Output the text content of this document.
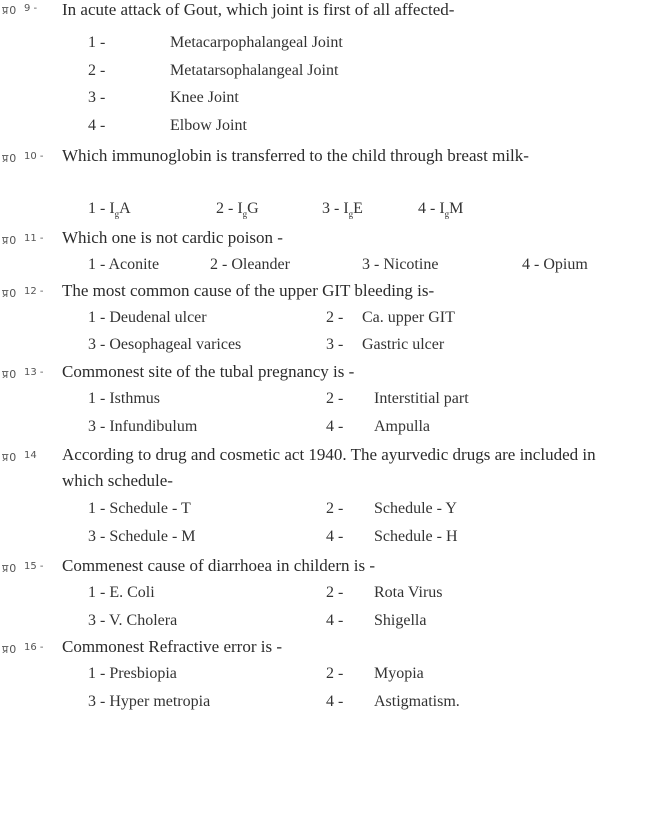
प्र0 9 - In acute attack of Gout, which joint is first of all affected-
1 -	Metacarpophalangeal Joint
2 -	Metatarsophalangeal Joint
3 -	Knee Joint
4 -	Elbow Joint
प्र0 10 - Which immunoglobin is transferred to the child through breast milk-
$1 - I_gA$	$2 - I_gG$	$3 - I_gE$	$4 - I_gM$
प्र0 11 - Which one is not cardic poison -
1 - Aconite	2 - Oleander	3 - Nicotine	4 - Opium
प्र0 12 - The most common cause of the upper GIT bleeding is-
1 - Deudenal ulcer	2 - Ca. upper GIT
3 - Oesophageal varices	3 - Gastric ulcer
प्र0 13 - Commonest site of the tubal pregnancy is -
1 - Isthmus	2 - Interstitial part
3 - Infundibulum	4 - Ampulla
प्र0 14 According to drug and cosmetic act 1940. The ayurvedic drugs are included in which schedule-
1 - Schedule - T	2 - Schedule - Y
3 - Schedule - M	4 - Schedule - H
प्र0 15 - Commenest cause of diarrhoea in childern is -
1 - E. Coli	2 - Rota Virus
3 - V. Cholera	4 - Shigella
प्र0 16 - Commonest Refractive error is -
1 - Presbiopia	2 - Myopia
3 - Hyper metropia	4 - Astigmatism.
